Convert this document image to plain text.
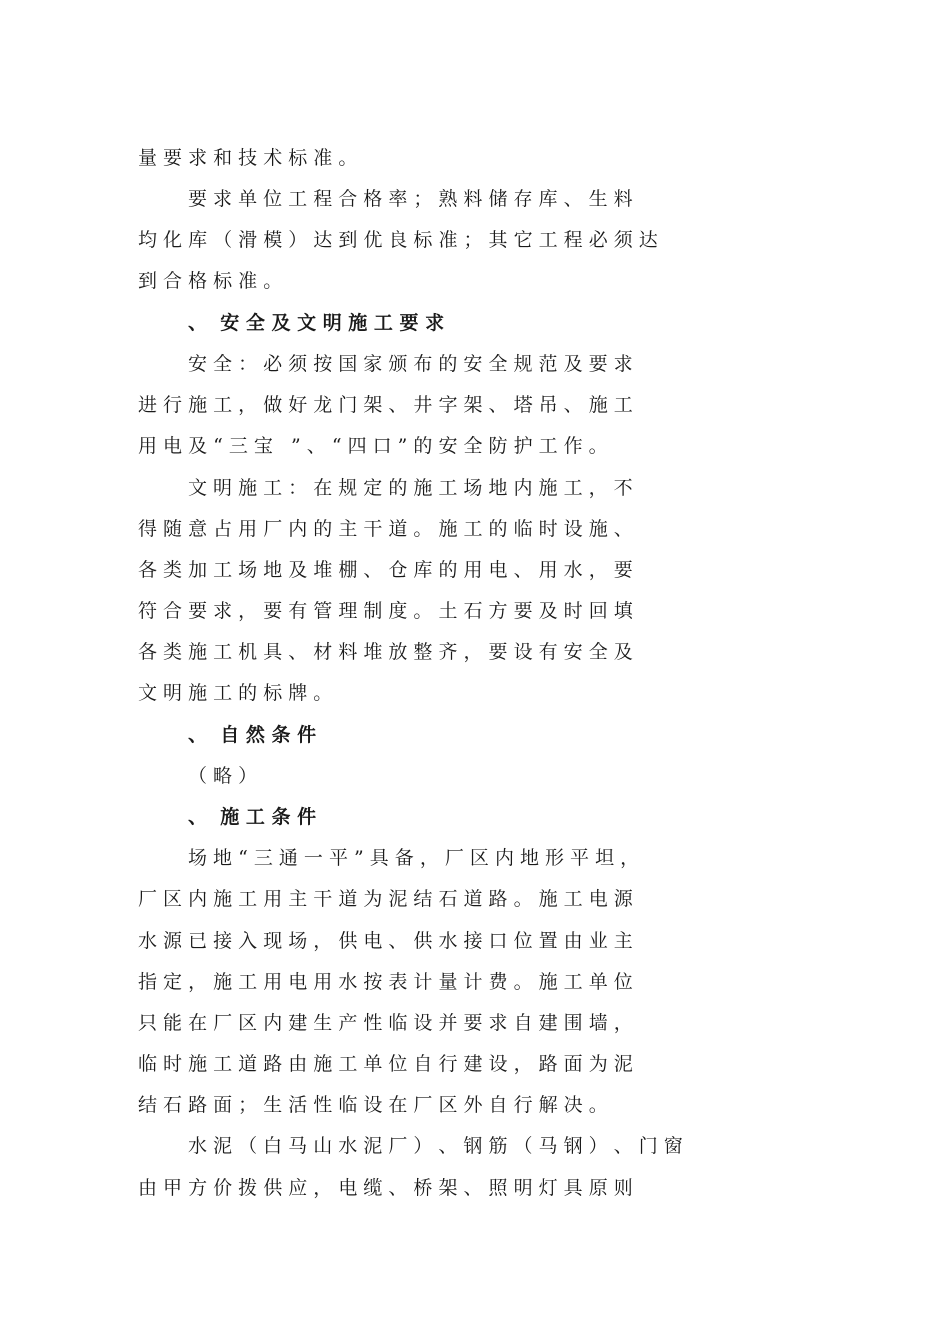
量 要 求 和 技 术 标 准 。
要 求 单 位 工 程 合 格 率 ； 熟 料 储 存 库 、 生 料
均 化 库 （ 滑 模 ） 达 到 优 良 标 准 ； 其 它 工 程 必 须 达
到 合 格 标 准 。
、  安 全 及 文 明 施 工 要 求
安 全 ： 必 须 按 国 家 颁 布 的 安 全 规 范 及 要 求
进 行 施 工 ， 做 好 龙 门 架 、 井 字 架 、 塔 吊 、 施 工
用 电 及 “ 三 宝   ” 、 “ 四 口 ” 的 安 全 防 护 工 作 。
文 明 施 工 ： 在 规 定 的 施 工 场 地 内 施 工 ， 不
得 随 意 占 用 厂 内 的 主 干 道 。 施 工 的 临 时 设 施 、
各 类 加 工 场 地 及 堆 棚 、 仓 库 的 用 电 、 用 水 ， 要
符 合 要 求 ， 要 有 管 理 制 度 。 土 石 方 要 及 时 回 填
各 类 施 工 机 具 、 材 料 堆 放 整 齐 ， 要 设 有 安 全 及
文 明 施 工 的 标 牌 。
、  自 然 条 件
（ 略 ）
、  施 工 条 件
场 地 “ 三 通 一 平 ” 具 备 ， 厂 区 内 地 形 平 坦 ，
厂 区 内 施 工 用 主 干 道 为 泥 结 石 道 路 。 施 工 电 源
水 源 已 接 入 现 场 ， 供 电 、 供 水 接 口 位 置 由 业 主
指 定 ， 施 工 用 电 用 水 按 表 计 量 计 费 。 施 工 单 位
只 能 在 厂 区 内 建 生 产 性 临 设 并 要 求 自 建 围 墙 ，
临 时 施 工 道 路 由 施 工 单 位 自 行 建 设 ， 路 面 为 泥
结 石 路 面 ； 生 活 性 临 设 在 厂 区 外 自 行 解 决 。
水 泥 （ 白 马 山 水 泥 厂 ） 、 钢 筋 （ 马 钢 ） 、 门 窗
由 甲 方 价 拨 供 应 ， 电 缆 、 桥 架 、 照 明 灯 具 原 则
